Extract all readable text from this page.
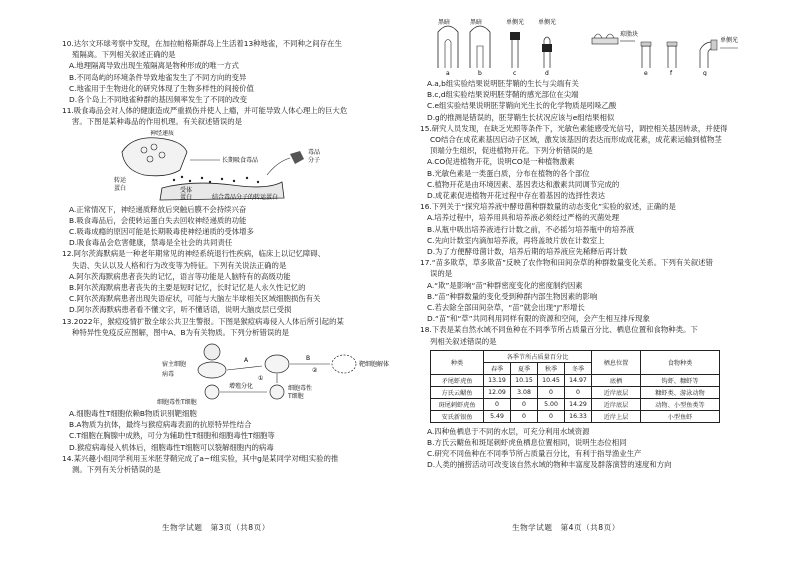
10.达尔文环球考察中发现，在加拉帕格斯群岛上生活着13种地雀，不同种之间存在生

殖隔离。下列相关叙述正确的是

A.地理隔离导致出现生殖隔离是物种形成的唯一方式

B.不同岛屿的环境条件导致地雀发生了不同方向的变异

C.地雀用于生物进化的研究体现了生物多样性的间接价值

D.各个岛上不同地雀种群的基因频率发生了不同的改变

11.吸食毒品会对人体的健康造成严重损伤并使人上瘾，并可能导致人体心理上的巨大危

害。下图是某种毒品的作用机理。有关叙述错误的是

神经递质
长期吸食毒品
毒品
分子
转运
蛋白	受体
蛋白	结合毒品分子的转运蛋白

A.正常情况下，神经递质释放后突触后膜不会持续兴奋

B.吸食毒品后，会使转运蛋白失去回收神经递质的功能

C.吸毒成瘾的原因可能是长期吸毒使神经递质的受体增多

D.吸食毒品会危害健康，禁毒是全社会的共同责任

12.阿尔茨海默病是一种老年期常见的神经系统退行性疾病，临床上以记忆障碍、

失语、失认以及人格和行为改变等为特征。下列有关说法正确的是

A.阿尔茨海默病患者丧失的记忆，语言等功能是人脑特有的高级功能

B.阿尔茨海默病患者丧失的主要是短时记忆，长时记忆是人永久性记忆的

C.阿尔茨海默病患者出现失语症状，可能与大脑左半球相关区域细胞损伤有关

D.阿尔茨海默病患者看不懂文字，听不懂话语，说明大脑皮层已受损

13.2022年，猴痘疫情扩散全球公共卫生警报。下图是猴痘病毒侵入人体后所引起的某

种特异性免疫反应图解，图中A、B为有关物质。下列分析错误的是

宿主细胞
病毒
靶细胞解体
细胞毒性T细胞
细胞毒性
T细胞
A	B
增殖分化
①
②

A.细胞毒性T细胞依赖B物质识别靶细胞

B.A物质为抗体，最终与猴痘病毒表面的抗原特异性结合

C.T细胞在胸腺中成熟，可分为辅助性T细胞和细胞毒性T细胞等

D.猴痘病毒侵入机体后，细胞毒性T细胞可以裂解细胞内的病毒

14.某兴趣小组同学利用玉米胚芽鞘完成了a~f组实验，其中g是某同学对f组实验的推

测。下列有关分析错误的是

黑暗	黑暗	单侧光 单侧光
琼脂块
单侧光
a	b	c	d	e	f	g

A.a,b组实验结果说明胚芽鞘的生长与尖端有关

B.c,d组实验结果说明胚芽鞘的感光部位在尖端

C.e组实验结果说明胚芽鞘向光生长的化学物质是吲哚乙酸

D.g的推测是错误的，胚芽鞘生长状况应该与e组结果相似

15.研究人员发现，在缺乏光照等条件下，光敏色素能感受光信号，调控相关基因转录，并使得

CO结合在成花素基因启动子区域，激发该基因的表达而形成成花素，成花素运输到植物茎

顶端分生组织，促进植物开花。下列分析错误的是

A.CO促进植物开花，说明CO是一种植物激素

B.光敏色素是一类蛋白质，分布在植物的各个部位

C.植物开花是由环境因素、基因表达和激素共同调节完成的

D.成花素促进植物开花过程中存在着基因的选择性表达

16.下列关于“探究培养液中酵母菌种群数量的动态变化”实验的叙述，正确的是

A.培养过程中，培养用具和培养液必须经过严格的灭菌处理

B.从瓶中吸出培养液进行计数之前，不必摇匀培养瓶中的培养液

C.先向计数室内滴加培养液，再将盖玻片放在计数室上

D.为了方便酵母菌计数，培养后期的培养液应先稀释后再计数

17.“苗多欺草，草多欺苗”反映了农作物和田间杂草的种群数量变化关系。下列有关叙述错

误的是

A.“欺”是影响“苗”种群密度变化的密度制约因素

B.“苗”种群数量的变化受到种群内部生物因素的影响

C.若去除全部田间杂草，“苗”就会出现“J”形增长

D.“苗”和“草”共同利用同样有限的资源和空间，会产生相互排斥现象

18.下表是某自然水域不同鱼种在不同季节所占质量百分比、栖息位置和食物种类。下

列相关叙述错误的是

种类	各季节所占质量百分比				栖息位置	食物种类
	春季	夏季	秋季	冬季		
矛尾虾虎鱼	13.19	10.15	10.45	14.97	底栖	钩虾、糠虾等
方氏云鳚鱼	12.09	3.08	0	0	近岸底层	糠虾类、游泳动物
斑尾刺虾虎鱼	0	0	5.00	14.29	近岸底层	动物、小型鱼类等
安氏新银鱼	5.49	0	0	16.33	近岸上层	小型鱼虾

A.四种鱼栖息于不同的水层，可充分利用水域资源

B.方氏云鳚鱼和斑尾刺虾虎鱼栖息位置相同，说明生态位相同

C.研究不同鱼种在不同季节所占质量百分比，有利于指导渔业生产

D.人类的捕捞活动可改变该自然水域的物种丰富度及群落演替的速度和方向

生物学试题　第3页（共8页）	生物学试题　第4页（共8页）
